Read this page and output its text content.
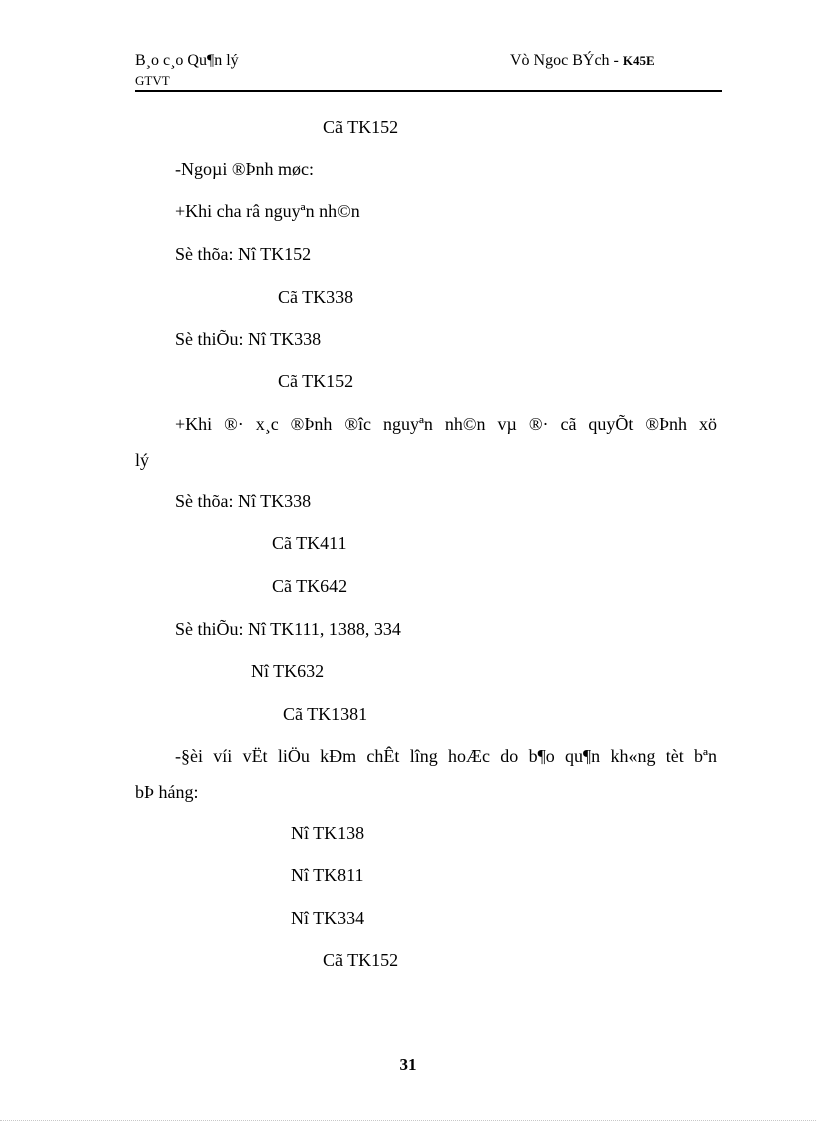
B¸o c¸o Qu¶n lý
GTVT
Vò Ngoc BÝch - K45E
Cã TK152
-Ngoµi ®Þnh møc:
+Khi cha râ nguyªn nh©n
Sè thõa: Nî TK152
Cã TK338
Sè thiÕu: Nî TK338
Cã TK152
+Khi ®· x¸c ®Þnh ®îc nguyªn nh©n vµ ®· cã quyÕt ®Þnh xö
lý
Sè thõa: Nî TK338
Cã TK411
Cã TK642
Sè thiÕu: Nî TK111, 1388, 334
Nî TK632
Cã TK1381
-§èi víi vËt liÖu kÐm chÊt lîng hoÆc do b¶o qu¶n kh«ng tèt bªn
bÞ háng:
Nî TK138
Nî TK811
Nî TK334
Cã TK152
31
